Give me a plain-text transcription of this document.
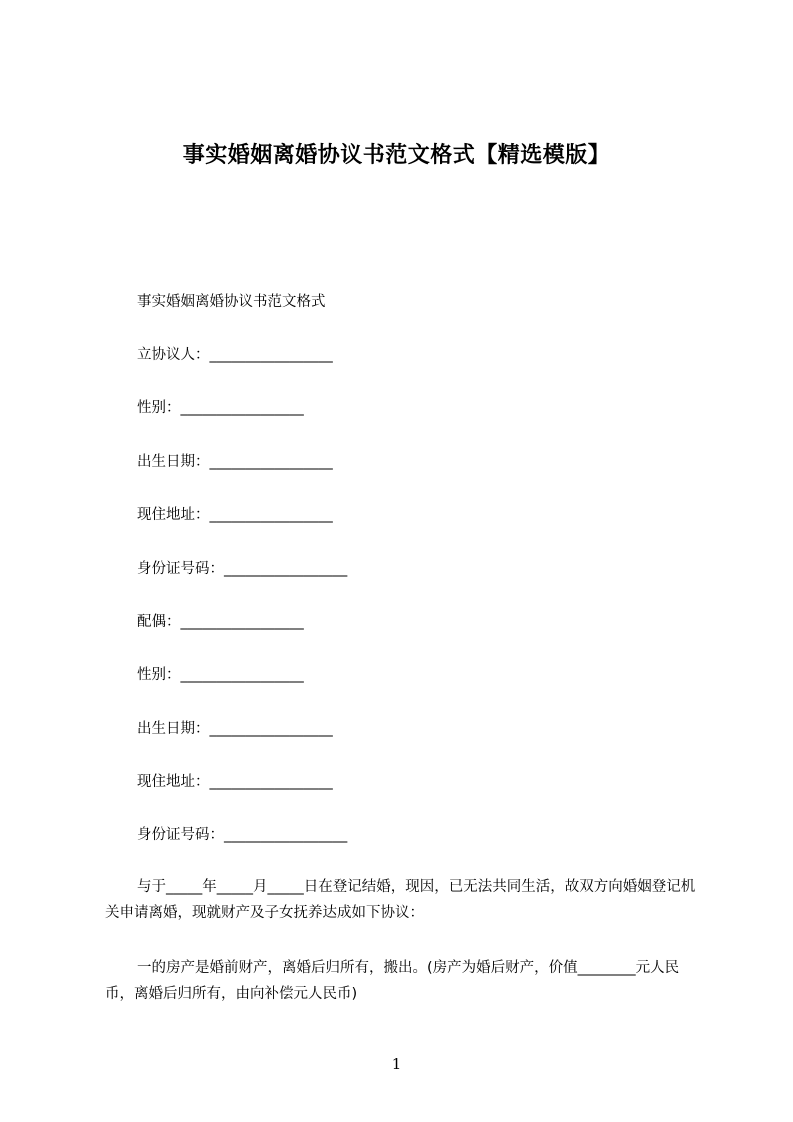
事实婚姻离婚协议书范文格式【精选模版】
事实婚姻离婚协议书范文格式
立协议人：_________________
性别：_________________
出生日期：_________________
现住地址：_________________
身份证号码：_________________
配偶：_________________
性别：_________________
出生日期：_________________
现住地址：_________________
身份证号码：_________________

与于_____年_____月_____日在登记结婚，现因，已无法共同生活，故双方向婚姻登记机关申请离婚，现就财产及子女抚养达成如下协议：

一的房产是婚前财产，离婚后归所有，搬出。(房产为婚后财产，价值________元人民币，离婚后归所有，由向补偿元人民币)

1
